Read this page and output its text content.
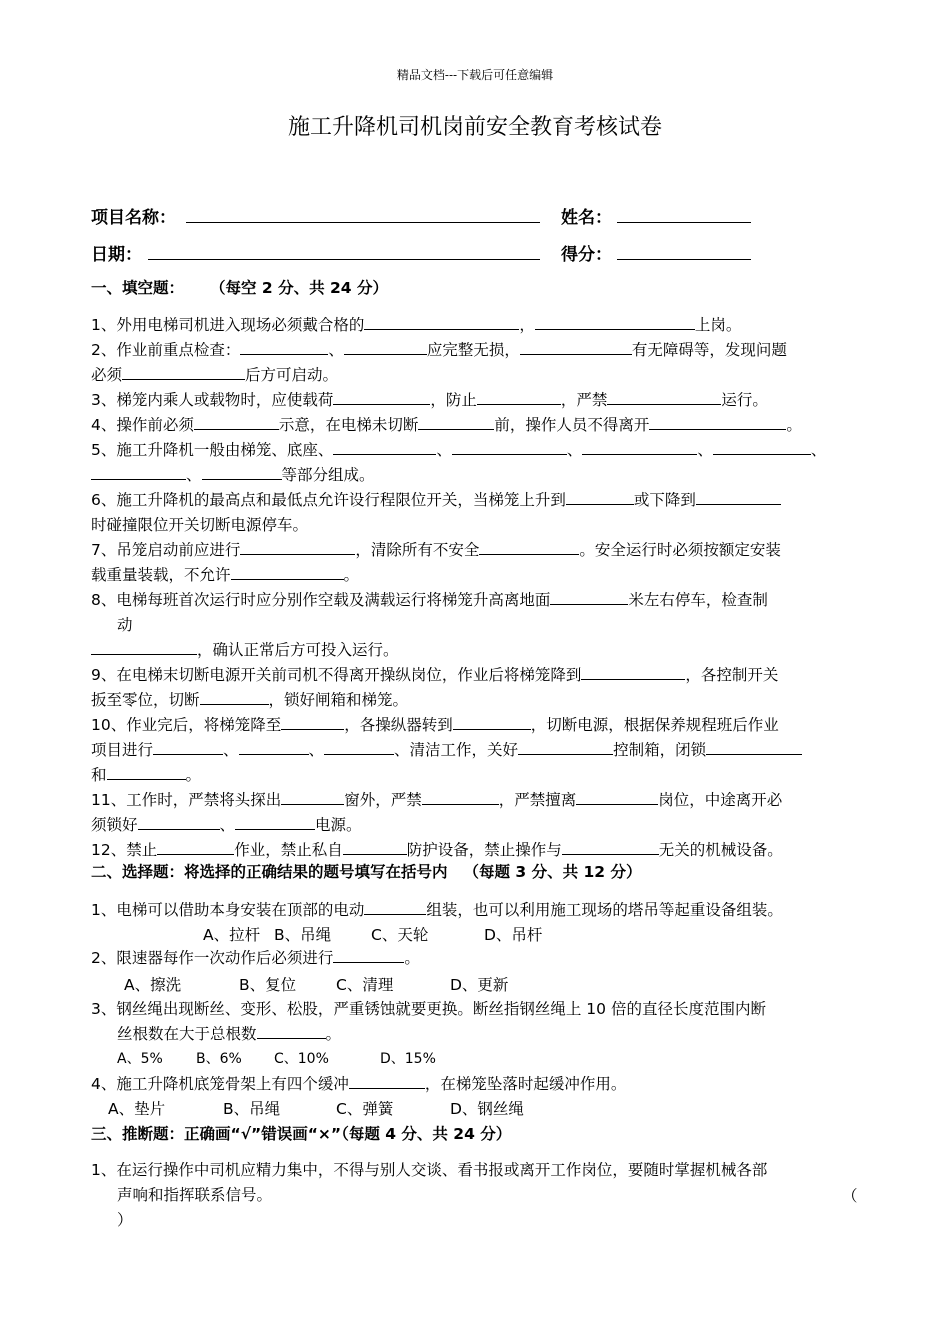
精品文档---下载后可任意编辑
施工升降机司机岗前安全教育考核试卷
项目名称：	姓名：
日期：	得分：
一、填空题： （每空 2 分、共 24 分）
1、外用电梯司机进入现场必须戴合格的	，	上岗。
2、作业前重点检查：	、	应完整无损，	有无障碍等，发现问题
必须	后方可启动。
3、梯笼内乘人或载物时，应使载荷	，防止	，严禁	运行。
4、操作前必须	示意，在电梯未切断	前，操作人员不得离开	。
5、施工升降机一般由梯笼、底座、	、	、	、	、
、	等部分组成。
6、施工升降机的最高点和最低点允许设行程限位开关，当梯笼上升到	或下降到
时碰撞限位开关切断电源停车。
7、吊笼启动前应进行	，清除所有不安全	。安全运行时必须按额定安装
载重量装载，不允许	。
8、电梯每班首次运行时应分别作空载及满载运行将梯笼升高离地面	米左右停车，检查制
动
，确认正常后方可投入运行。
9、在电梯末切断电源开关前司机不得离开操纵岗位，作业后将梯笼降到	，各控制开关
扳至零位，切断	，锁好闸箱和梯笼。
10、作业完后，将梯笼降至	，各操纵器转到	，切断电源，根据保养规程班后作业
项目进行	、	、	、清洁工作，关好	控制箱，闭锁
和	。
11、工作时，严禁将头探出	窗外，严禁	，严禁擅离	岗位，中途离开必
须锁好	、	电源。
12、禁止	作业，禁止私自	防护设备，禁止操作与	无关的机械设备。
二、选择题：将选择的正确结果的题号填写在括号内 （每题 3 分、共 12 分）
1、电梯可以借助本身安装在顶部的电动	组装，也可以利用施工现场的塔吊等起重设备组装。
A、拉杆 B、吊绳	C、天轮	D、吊杆
2、限速器每作一次动作后必须进行	。
A、擦洗	B、复位	C、清理	D、更新
3、钢丝绳出现断丝、变形、松股，严重锈蚀就要更换。断丝指钢丝绳上 10 倍的直径长度范围内断
丝根数在大于总根数	。
A、5% B、6% C、10%	D、15%
4、施工升降机底笼骨架上有四个缓冲	，在梯笼坠落时起缓冲作用。
A、垫片	B、吊绳	C、弹簧	D、钢丝绳
三、推断题：正确画“√”错误画“×”（每题 4 分、共 24 分）
1、在运行操作中司机应精力集中，不得与别人交谈、看书报或离开工作岗位，要随时掌握机械各部
声响和指挥联系信号。	（
）
